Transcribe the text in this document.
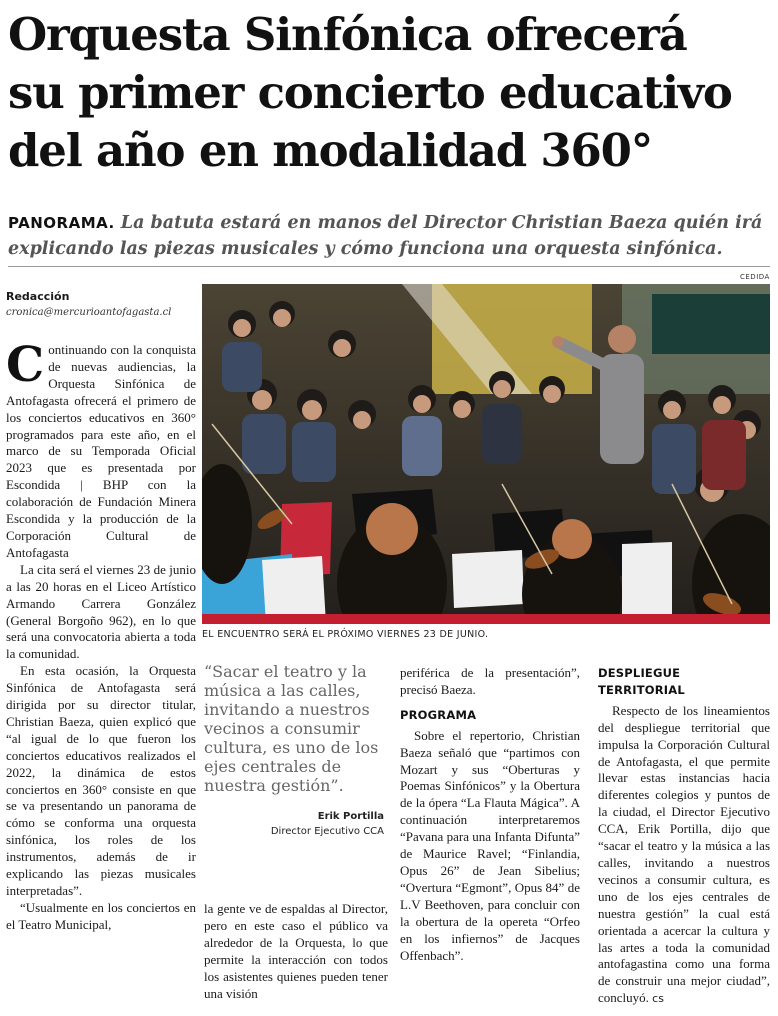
Orquesta Sinfónica ofrecerá
su primer concierto educativo
del año en modalidad 360°
PANORAMA. La batuta estará en manos del Director Christian Baeza quién irá explicando las piezas musicales y cómo funciona una orquesta sinfónica.
Redacción
cronica@mercurioantofagasta.cl

Continuando con la conquista de nuevas audiencias, la Orquesta Sinfónica de Antofagasta ofrecerá el primero de los conciertos educativos en 360° programados para este año, en el marco de su Temporada Oficial 2023 que es presentada por Escondida | BHP con la colaboración de Fundación Minera Escondida y la producción de la Corporación Cultural de Antofagasta

La cita será el viernes 23 de junio a las 20 horas en el Liceo Artístico Armando Carrera González (General Borgoño 962), en lo que será una convocatoria abierta a toda la comunidad.

En esta ocasión, la Orquesta Sinfónica de Antofagasta será dirigida por su director titular, Christian Baeza, quien explicó que “al igual de lo que fueron los conciertos educativos realizados el 2022, la dinámica de estos conciertos en 360° consiste en que se va presentando un panorama de cómo se conforma una orquesta sinfónica, los roles de los instrumentos, además de ir explicando las piezas musicales interpretadas”.

“Usualmente en los conciertos en el Teatro Municipal,

CEDIDA
EL ENCUENTRO SERÁ EL PRÓXIMO VIERNES 23 DE JUNIO.
“Sacar el teatro y la música a las calles, invitando a nuestros vecinos a consumir cultura, es uno de los ejes centrales de nuestra gestión”.
Erik Portilla
Director Ejecutivo CCA

la gente ve de espaldas al Director, pero en este caso el público va alrededor de la Orquesta, lo que permite la interacción con todos los asistentes quienes pueden tener una visión

periférica de la presentación”, precisó Baeza.

PROGRAMA

Sobre el repertorio, Christian Baeza señaló que “partimos con Mozart y sus “Oberturas y Poemas Sinfónicos” y la Obertura de la ópera “La Flauta Mágica”. A continuación interpretaremos “Pavana para una Infanta Difunta” de Maurice Ravel; “Finlandia, Opus 26” de Jean Sibelius; “Overtura “Egmont”, Opus 84” de L.V Beethoven, para concluir con la obertura de la opereta “Orfeo en los infiernos” de Jacques Offenbach”.

DESPLIEGUE TERRITORIAL

Respecto de los lineamientos del despliegue territorial que impulsa la Corporación Cultural de Antofagasta, el que permite llevar estas instancias hacia diferentes colegios y puntos de la ciudad, el Director Ejecutivo CCA, Erik Portilla, dijo que “sacar el teatro y la música a las calles, invitando a nuestros vecinos a consumir cultura, es uno de los ejes centrales de nuestra gestión” la cual está orientada a acercar la cultura y las artes a toda la comunidad antofagastina como una forma de construir una mejor ciudad”, concluyó. cs
